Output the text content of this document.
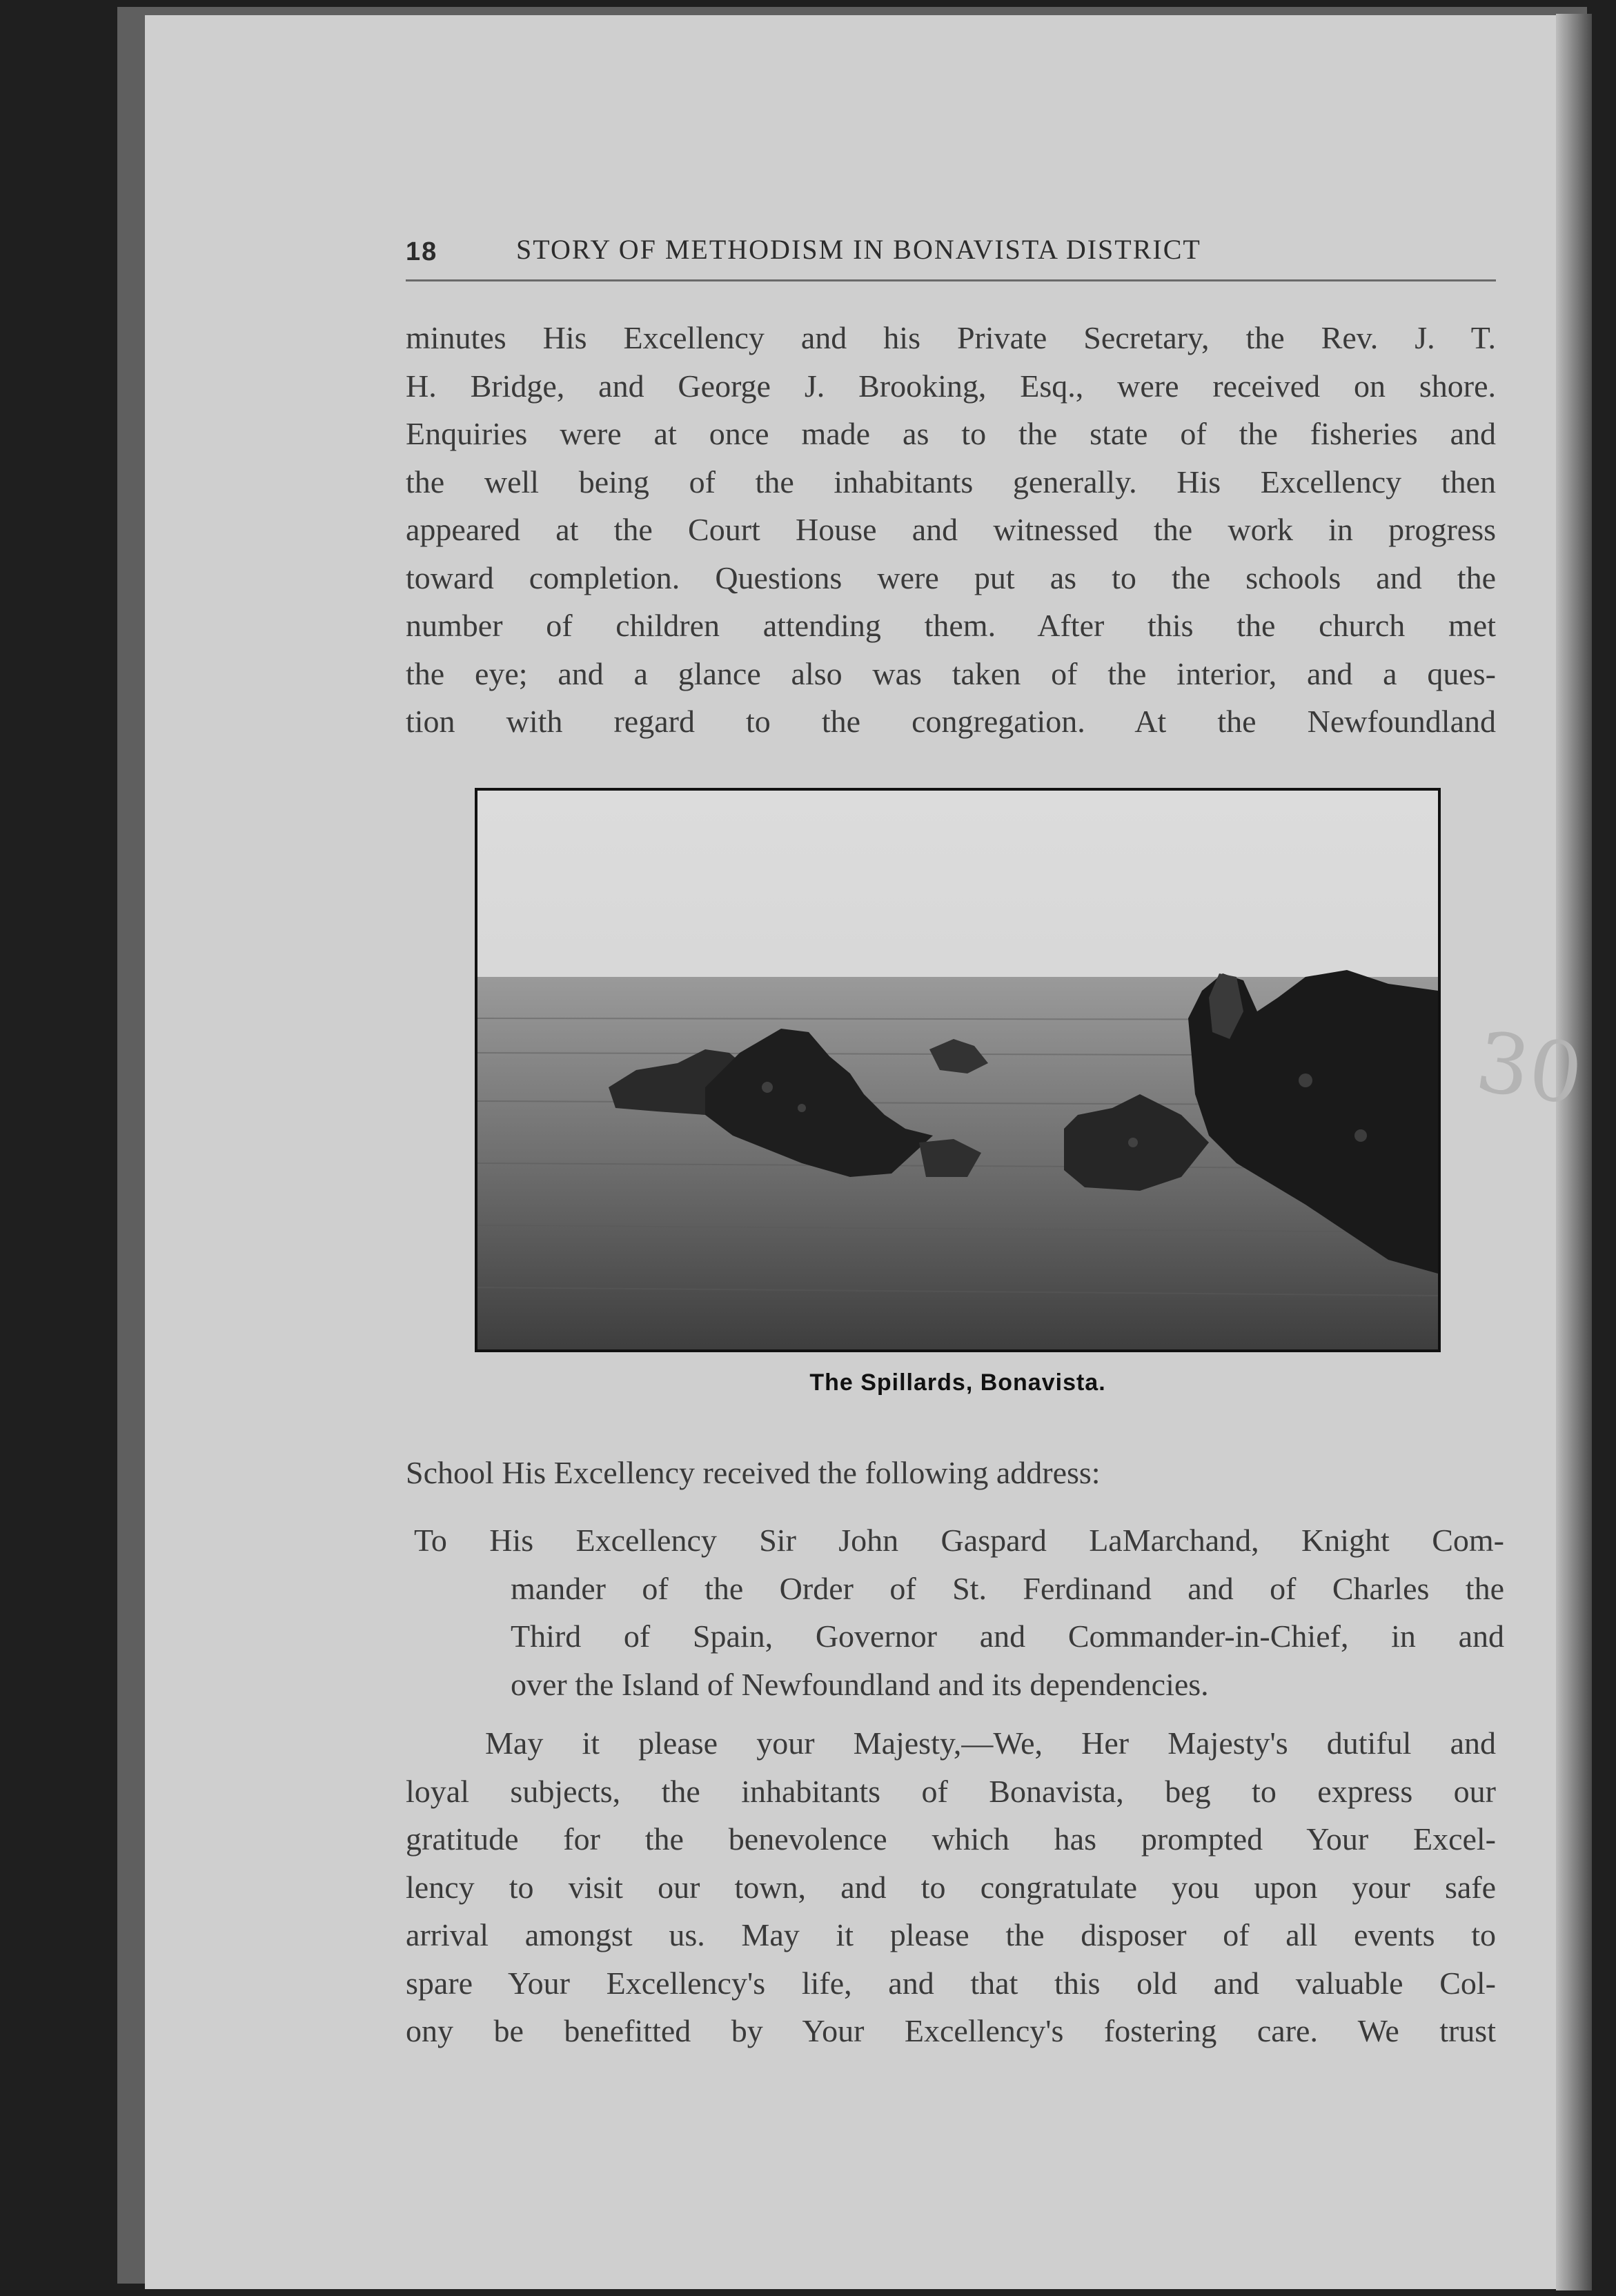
18	STORY OF METHODISM IN BONAVISTA DISTRICT
minutes His Excellency and his Private Secretary, the Rev. J. T.
H. Bridge, and George J. Brooking, Esq., were received on shore.
Enquiries were at once made as to the state of the fisheries and
the well being of the inhabitants generally. His Excellency then
appeared at the Court House and witnessed the work in progress
toward completion. Questions were put as to the schools and the
number of children attending them. After this the church met
the eye; and a glance also was taken of the interior, and a ques-
tion with regard to the congregation. At the Newfoundland
The Spillards, Bonavista.
School His Excellency received the following address:
To His Excellency Sir John Gaspard LaMarchand, Knight Com-
mander of the Order of St. Ferdinand and of Charles the
Third of Spain, Governor and Commander-in-Chief, in and
over the Island of Newfoundland and its dependencies.
May it please your Majesty,—We, Her Majesty's dutiful and
loyal subjects, the inhabitants of Bonavista, beg to express our
gratitude for the benevolence which has prompted Your Excel-
lency to visit our town, and to congratulate you upon your safe
arrival amongst us. May it please the disposer of all events to
spare Your Excellency's life, and that this old and valuable Col-
ony be benefitted by Your Excellency's fostering care. We trust
30
